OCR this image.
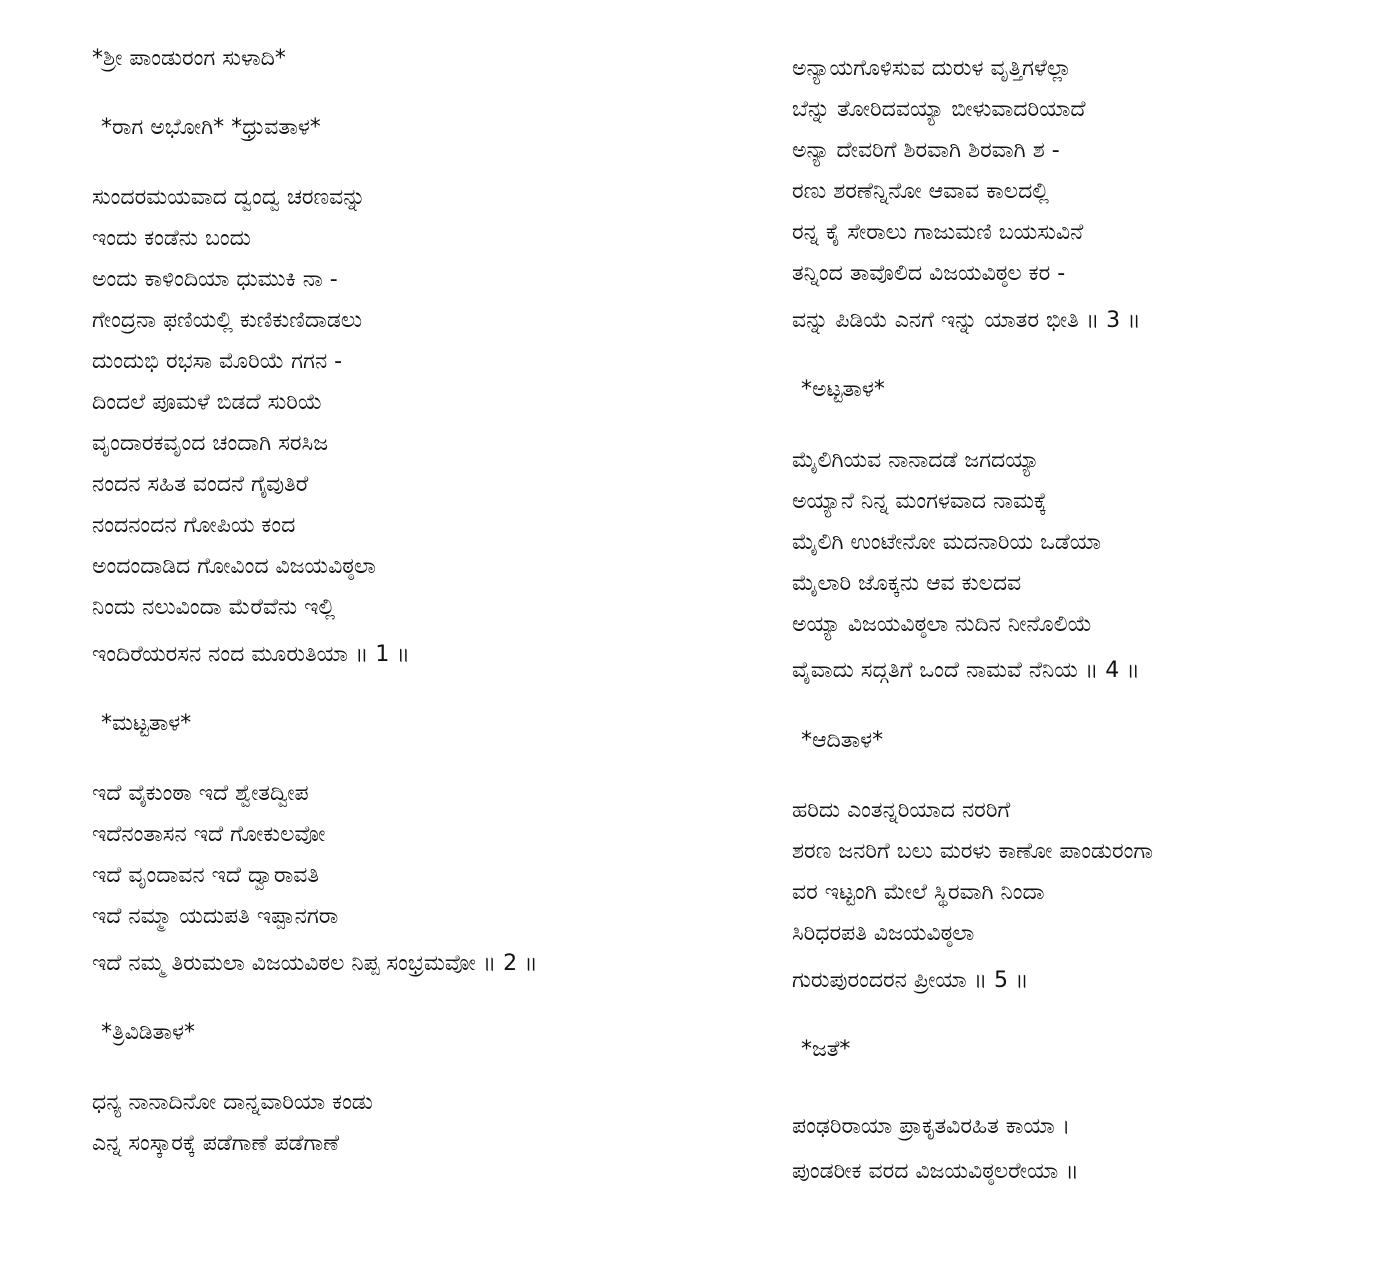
*ಶ್ರೀ ಪಾಂಡುರಂಗ ಸುಳಾದಿ*
*ರಾಗ ಅಭೋಗಿ* *ಧ್ರುವತಾಳ*
ಸುಂದರಮಯವಾದ ದ್ವಂದ್ವ ಚರಣವನ್ನು
ಇಂದು ಕಂಡೆನು ಬಂದು
ಅಂದು ಕಾಳಿಂದಿಯಾ ಧುಮುಕಿ ನಾ -
ಗೇಂದ್ರನಾ ಫಣಿಯಲ್ಲಿ ಕುಣಿಕುಣಿದಾಡಲು
ದುಂದುಭಿ ರಭಸಾ ಮೊರಿಯೆ ಗಗನ -
ದಿಂದಲೆ ಪೂಮಳೆ ಬಿಡದೆ ಸುರಿಯೆ
ವೃಂದಾರಕವೃಂದ ಚಂದಾಗಿ ಸರಸಿಜ
ನಂದನ ಸಹಿತ ವಂದನೆ ಗೈವುತಿರೆ
ನಂದನಂದನ ಗೋಪಿಯ ಕಂದ
ಅಂದಂದಾಡಿದ ಗೋವಿಂದ ವಿಜಯವಿಠ್ಠಲಾ
ನಿಂದು ನಲುವಿಂದಾ ಮೆರೆವೆನು ಇಲ್ಲಿ
ಇಂದಿರೆಯರಸನ ನಂದ ಮೂರುತಿಯಾ ॥ 1 ॥
*ಮಟ್ಟತಾಳ*
ಇದೆ ವೈಕುಂಠಾ ಇದೆ ಶ್ವೇತದ್ವೀಪ
ಇದೆನಂತಾಸನ ಇದೆ ಗೋಕುಲವೋ
ಇದೆ ವೃಂದಾವನ ಇದೆ ದ್ವಾರಾವತಿ
ಇದೆ ನಮ್ಮಾ ಯದುಪತಿ ಇಪ್ಪಾನಗರಾ
ಇದೆ ನಮ್ಮ ತಿರುಮಲಾ ವಿಜಯವಿಠಲ ನಿಪ್ಪ ಸಂಭ್ರಮವೋ ॥ 2 ॥
*ತ್ರಿವಿಡಿತಾಳ*
ಧನ್ಯ ನಾನಾದಿನೋ ದಾನ್ನವಾರಿಯಾ ಕಂಡು
ಎನ್ನ ಸಂಸ್ಕಾರಕ್ಕೆ ಪಡೆಗಾಣೆ ಪಡೆಗಾಣೆ
ಅನ್ಯಾಯಗೊಳಿಸುವ ದುರುಳ ವೃತ್ತಿಗಳೆಲ್ಲಾ
ಬೆನ್ನು ತೋರಿದವಯ್ಯಾ ಬೀಳುವಾದರಿಯಾದೆ
ಅನ್ಯಾ ದೇವರಿಗೆ ಶಿರವಾಗಿ ಶಿರವಾಗಿ ಶ -
ರಣು ಶರಣೆನ್ನಿನೋ ಆವಾವ ಕಾಲದಲ್ಲಿ
ರನ್ನ ಕೈ ಸೇರಾಲು ಗಾಜುಮಣಿ ಬಯಸುವಿನೆ
ತನ್ನಿಂದ ತಾವೊಲಿದ ವಿಜಯವಿಠ್ಠಲ ಕರ -
ವನ್ನು ಪಿಡಿಯೆ ಎನಗೆ ಇನ್ನು ಯಾತರ ಭೀತಿ ॥ 3 ॥
*ಅಟ್ಟತಾಳ*
ಮೈಲಿಗಿಯವ ನಾನಾದಡೆ ಜಗದಯ್ಯಾ
ಅಯ್ಯಾನೆ ನಿನ್ನ ಮಂಗಳವಾದ ನಾಮಕ್ಕೆ
ಮೈಲಿಗಿ ಉಂಟೇನೋ ಮದನಾರಿಯ ಒಡೆಯಾ
ಮೈಲಾರಿ ಜೊಕ್ಕನು ಆವ ಕುಲದವ
ಅಯ್ಯಾ ವಿಜಯವಿಠ್ಠಲಾ ನುದಿನ ನೀನೊಲಿಯೆ
ವೈವಾದು ಸದ್ಗತಿಗೆ ಒಂದೆ ನಾಮವೆ ನೆನಿಯ ॥ 4 ॥
*ಆದಿತಾಳ*
ಹರಿದು ಎಂತನ್ನರಿಯಾದ ನರರಿಗೆ
ಶರಣ ಜನರಿಗೆ ಬಲು ಮರಳು ಕಾಣೋ ಪಾಂಡುರಂಗಾ
ವರ ಇಟ್ಟಂಗಿ ಮೇಲೆ ಸ್ಥಿರವಾಗಿ ನಿಂದಾ
ಸಿರಿಧರಪತಿ ವಿಜಯವಿಠ್ಠಲಾ
ಗುರುಪುರಂದರನ ಪ್ರೀಯಾ ॥ 5 ॥
*ಜತೆ*
ಪಂಢರಿರಾಯಾ ಪ್ರಾಕೃತವಿರಹಿತ ಕಾಯಾ ।
ಪುಂಡರೀಕ ವರದ ವಿಜಯವಿಠ್ಠಲರೇಯಾ ॥
